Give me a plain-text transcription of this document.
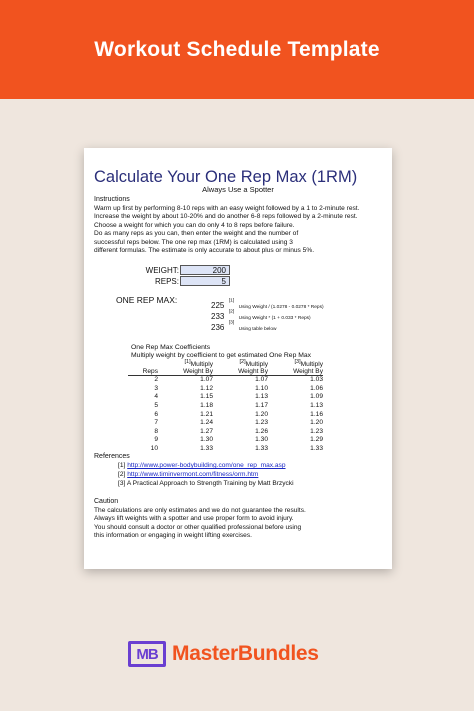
Workout Schedule Template
Calculate Your One Rep Max (1RM)
Always Use a Spotter
Instructions
Warm up first by performing 8-10 reps with an easy weight followed by a 1 to 2-minute rest.
Increase the weight by about 10-20% and do another 6-8 reps followed by a 2-minute rest.
Choose a weight for which you can do only 4 to 8 reps before failure.
Do as many reps as you can, then enter the weight and the number of
successful reps below. The one rep max (1RM) is calculated using 3
different formulas. The estimate is only accurate to about plus or minus 5%.
WEIGHT:	200
REPS:	5
ONE REP MAX:
225 [1] Using Weight / (1.0278 - 0.0278 * Reps)
233 [2] Using Weight * (1 + 0.033 * Reps)
236 [3] Using table below
One Rep Max Coefficients
Multiply weight by coefficient to get estimated One Rep Max
	[1]Multiply	[2]Multiply	[3]Multiply
Reps	Weight By	Weight By	Weight By
2	1.07	1.07	1.03
3	1.12	1.10	1.06
4	1.15	1.13	1.09
5	1.18	1.17	1.13
6	1.21	1.20	1.16
7	1.24	1.23	1.20
8	1.27	1.26	1.23
9	1.30	1.30	1.29
10	1.33	1.33	1.33
References
[1] http://www.power-bodybuilding.com/one_rep_max.asp
[2] http://www.timinvermont.com/fitness/orm.htm
[3] A Practical Approach to Strength Training by Matt Brzycki
Caution
The calculations are only estimates and we do not guarantee the results.
Always lift weights with a spotter and use proper form to avoid injury.
You should consult a doctor or other qualified professional before using
this information or engaging in weight lifting exercises.
MB MasterBundles
